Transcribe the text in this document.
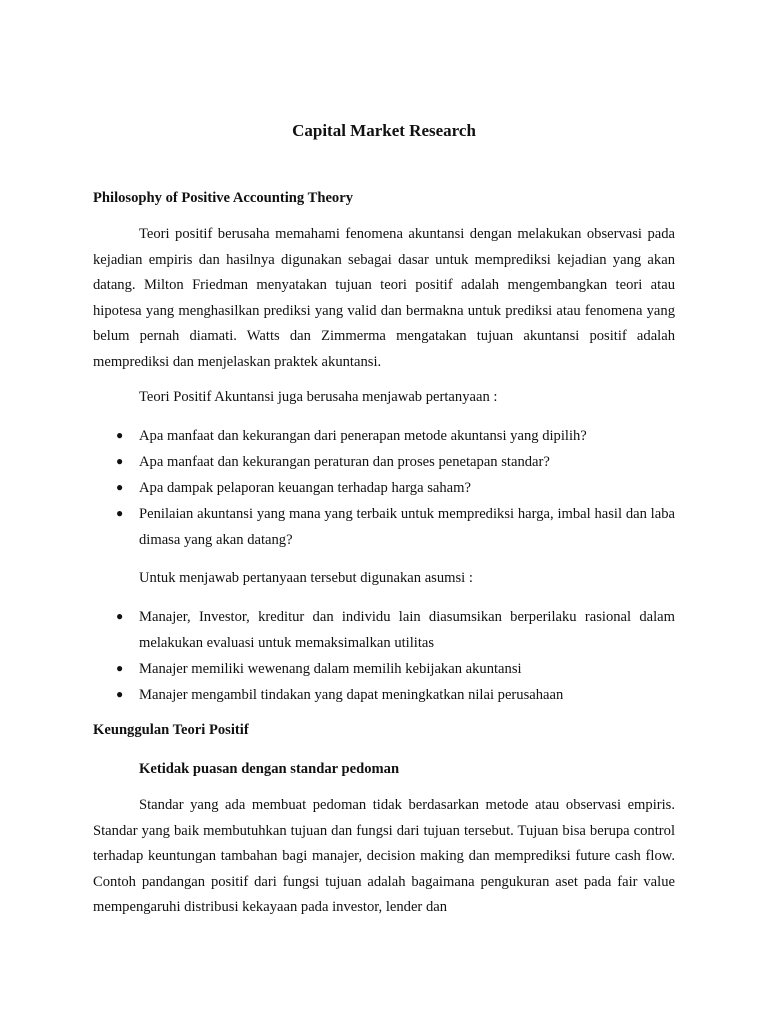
Capital Market Research
Philosophy of Positive Accounting Theory

Teori positif berusaha memahami fenomena akuntansi dengan melakukan observasi pada kejadian empiris dan hasilnya digunakan sebagai dasar untuk memprediksi kejadian yang akan datang. Milton Friedman menyatakan tujuan teori positif adalah mengembangkan teori atau hipotesa yang menghasilkan prediksi yang valid dan bermakna untuk prediksi atau fenomena yang belum pernah diamati. Watts dan Zimmerma mengatakan tujuan akuntansi positif adalah memprediksi dan menjelaskan praktek akuntansi.

Teori Positif Akuntansi juga berusaha menjawab pertanyaan :
● Apa manfaat dan kekurangan dari penerapan metode akuntansi yang dipilih?
● Apa manfaat dan kekurangan peraturan dan proses penetapan standar?
● Apa dampak pelaporan keuangan terhadap harga saham?
● Penilaian akuntansi yang mana yang terbaik untuk memprediksi harga, imbal hasil dan laba dimasa yang akan datang?
Untuk menjawab pertanyaan tersebut digunakan asumsi :
● Manajer, Investor, kreditur dan individu lain diasumsikan berperilaku rasional dalam melakukan evaluasi untuk memaksimalkan utilitas
● Manajer memiliki wewenang dalam memilih kebijakan akuntansi
● Manajer mengambil tindakan yang dapat meningkatkan nilai perusahaan
Keunggulan Teori Positif
Ketidak puasan dengan standar pedoman

Standar yang ada membuat pedoman tidak berdasarkan metode atau observasi empiris. Standar yang baik membutuhkan tujuan dan fungsi dari tujuan tersebut. Tujuan bisa berupa control terhadap keuntungan tambahan bagi manajer, decision making dan memprediksi future cash flow. Contoh pandangan positif dari fungsi tujuan adalah bagaimana pengukuran aset pada fair value mempengaruhi distribusi kekayaan pada investor, lender dan
